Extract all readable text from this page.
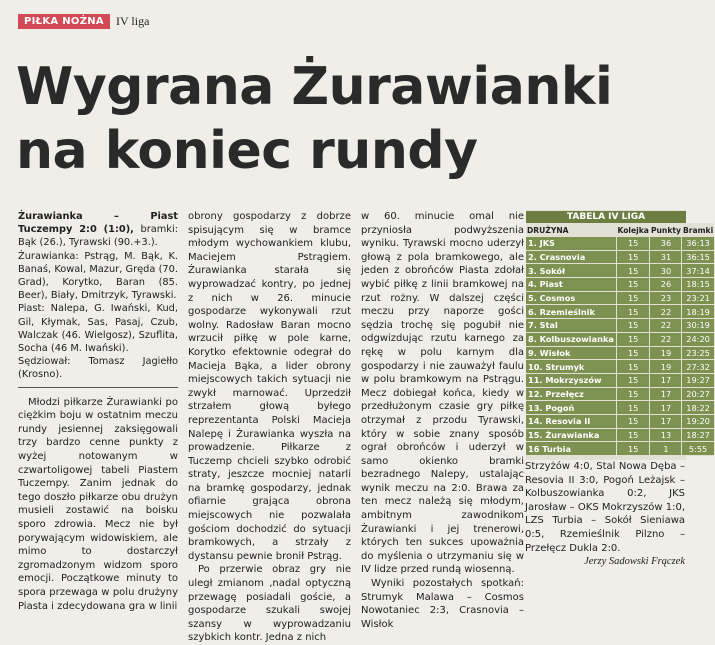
PIŁKA NOŻNA	IV liga
Wygrana Żurawianki
na koniec rundy

Żurawianka – Piast Tuczempy 2:0 (1:0), bramki: Bąk (26.), Tyrawski (90.+3.).

Żurawianka: Pstrąg, M. Bąk, K. Banaś, Kowal, Mazur, Gręda (70. Grad), Korytko, Baran (85. Beer), Biały, Dmitrzyk, Tyrawski.

Piast: Nalepa, G. Iwański, Kud, Gil, Kłymak, Sas, Pasaj, Czub, Walczak (46. Wielgosz), Szuflita, Socha (46 M. Iwański).

Sędziował: Tomasz Jagiełło (Krosno).

Młodzi piłkarze Żurawianki po ciężkim boju w ostatnim meczu rundy jesiennej zaksięgowali trzy bardzo cenne punkty z wyżej notowanym w czwartoligowej tabeli Piastem Tuczempy. Zanim jednak do tego doszło piłkarze obu drużyn musieli zostawić na boisku sporo zdrowia. Mecz nie był porywającym widowiskiem, ale mimo to dostarczył zgromadzonym widzom sporo emocji. Początkowe minuty to spora przewaga w polu drużyny Piasta i zdecydowana gra w linii

obrony gospodarzy z dobrze spisującym się w bramce młodym wychowankiem klubu, Maciejem Pstrągiem. Żurawianka starała się wyprowadzać kontry, po jednej z nich w 26. minucie gospodarze wykonywali rzut wolny. Radosław Baran mocno wrzucił piłkę w pole karne, Korytko efektownie odegrał do Macieja Bąka, a lider obrony miejscowych takich sytuacji nie zwykł marnować. Uprzedził strzałem głową byłego reprezentanta Polski Macieja Nalepę i Żurawianka wyszła na prowadzenie. Piłkarze z Tuczemp chcieli szybko odrobić straty, jeszcze mocniej natarli na bramkę gospodarzy, jednak ofiarnie grająca obrona miejscowych nie pozwalała gościom dochodzić do sytuacji bramkowych, a strzały z dystansu pewnie bronił Pstrąg.

Po przerwie obraz gry nie uległ zmianom ,nadal optyczną przewagę posiadali goście, a gospodarze szukali swojej szansy w wyprowadzaniu szybkich kontr. Jedna z nich

w 60. minucie omal nie przyniosła podwyższenia wyniku. Tyrawski mocno uderzył głową z pola bramkowego, ale jeden z obrońców Piasta zdołał wybić piłkę z linii bramkowej na rzut rożny. W dalszej części meczu przy naporze gości sędzia trochę się pogubił nie odgwizdując rzutu karnego za rękę w polu karnym dla gospodarzy i nie zauważył faulu w polu bramkowym na Pstrągu. Mecz dobiegał końca, kiedy w przedłużonym czasie gry piłkę otrzymał z przodu Tyrawski, który w sobie znany sposób ograł obrońców i uderzył w samo okienko bramki bezradnego Nalepy, ustalając wynik meczu na 2:0. Brawa za ten mecz należą się młodym, ambitnym zawodnikom Żurawianki i jej trenerowi, których ten sukces upoważnia do myślenia o utrzymaniu się w IV lidze przed rundą wiosenną.

Wyniki pozostałych spotkań: Strumyk Malawa – Cosmos Nowotaniec 2:3, Crasnovia – Wisłok

TABELA IV LIGA
DRUŻYNA	Kolejka	Punkty	Bramki
1. JKS	15	36	36:13
2. Crasnovia	15	31	36:15
3. Sokół	15	30	37:14
4. Piast	15	26	18:15
5. Cosmos	15	23	23:21
6. Rzemieślnik	15	22	18:19
7. Stal	15	22	30:19
8. Kolbuszowianka	15	22	24:20
9. Wisłok	15	19	23:25
10. Strumyk	15	19	27:32
11. Mokrzyszów	15	17	19:27
12. Przełęcz	15	17	20:27
13. Pogoń	15	17	18:22
14. Resovia II	15	17	19:20
15. Żurawianka	15	13	18:27
16 Turbia	15	1	5:55

Strzyżów 4:0, Stal Nowa Dęba – Resovia II 3:0, Pogoń Leżajsk – Kolbuszowianka 0:2, JKS Jarosław – OKS Mokrzyszów 1:0, LZS Turbia – Sokół Sieniawa 0:5, Rzemieślnik Pilzno – Przełęcz Dukla 2:0.

Jerzy Sadowski Frączek
